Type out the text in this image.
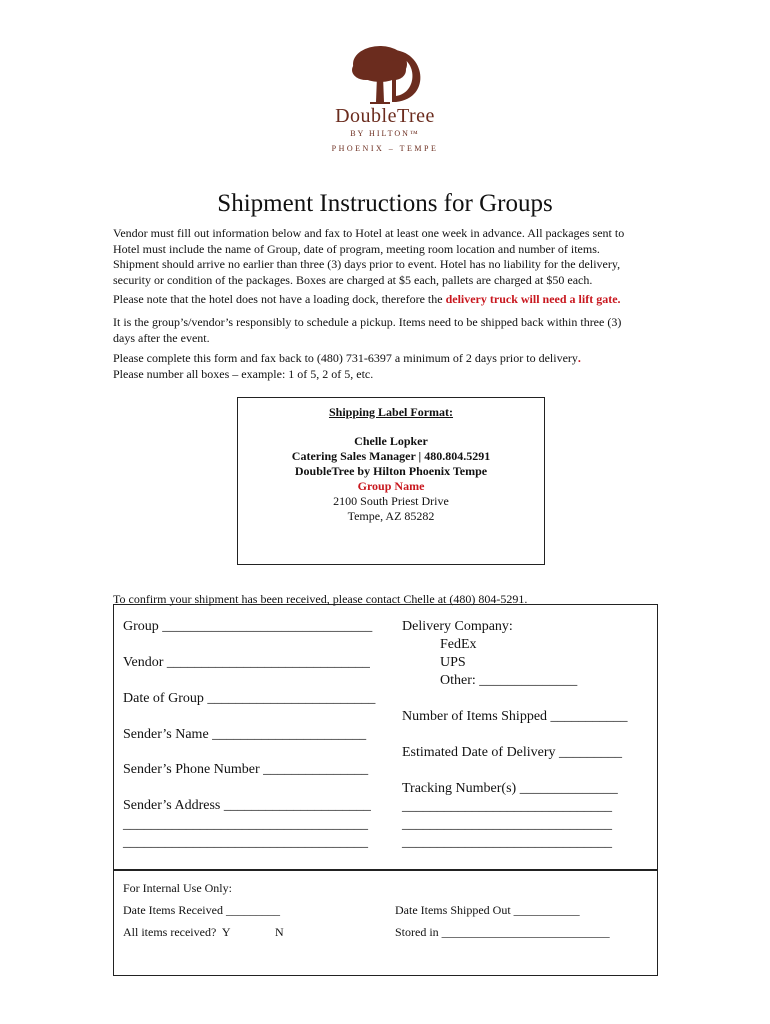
DoubleTree
BY HILTON™
PHOENIX – TEMPE
Shipment Instructions for Groups
Vendor must fill out information below and fax to Hotel at least one week in advance. All packages sent to
Hotel must include the name of Group, date of program, meeting room location and number of items.
Shipment should arrive no earlier than three (3) days prior to event. Hotel has no liability for the delivery,
security or condition of the packages. Boxes are charged at $5 each, pallets are charged at $50 each.
Please note that the hotel does not have a loading dock, therefore the delivery truck will need a lift gate.
It is the group’s/vendor’s responsibly to schedule a pickup. Items need to be shipped back within three (3)
days after the event.
Please complete this form and fax back to (480) 731-6397 a minimum of 2 days prior to delivery.
Please number all boxes – example: 1 of 5, 2 of 5, etc.
Shipping Label Format:
Chelle Lopker
Catering Sales Manager | 480.804.5291
DoubleTree by Hilton Phoenix Tempe
Group Name
2100 South Priest Drive
Tempe, AZ 85282
To confirm your shipment has been received, please contact Chelle at (480) 804-5291.
Group ______________________________
Vendor _____________________________
Date of Group ________________________
Sender’s Name ______________________
Sender’s Phone Number _______________
Sender’s Address _____________________
___________________________________
___________________________________
Delivery Company:
FedEx
UPS
Other: ______________
Number of Items Shipped ___________
Estimated Date of Delivery _________
Tracking Number(s) ______________
______________________________
______________________________
______________________________
For Internal Use Only:
Date Items Received _________	Date Items Shipped Out ___________
All items received?  Y	N	Stored in ____________________________
